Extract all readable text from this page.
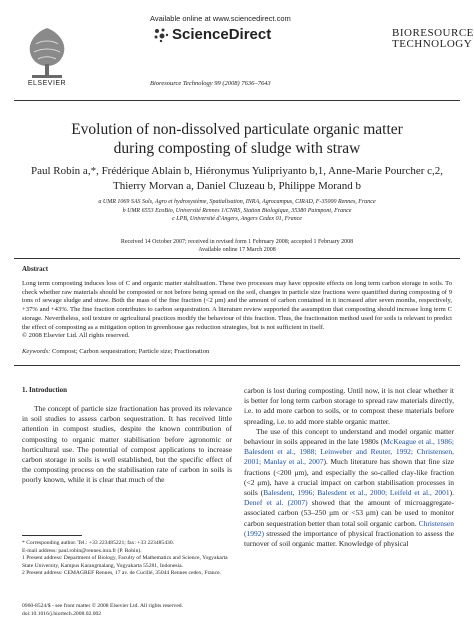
ELSEVIER
Available online at www.sciencedirect.com
ScienceDirect
Bioresource Technology 99 (2008) 7636–7643
BIORESOURCE
TECHNOLOGY
Evolution of non-dissolved particulate organic matter
during composting of sludge with straw
Paul Robin a,*, Frédérique Ablain b, Hiéronymus Yulipriyanto b,1, Anne-Marie Pourcher c,2,
Thierry Morvan a, Daniel Cluzeau b, Philippe Morand b
a UMR 1069 SAS Sols, Agro et hydrosystème, Spatialisation, INRA, Agrocampus, CIRAD, F-35000 Rennes, France
b UMR 6553 EcoBio, Université Rennes 1/CNRS, Station Biologique, 35380 Paimpont, France
c LPB, Université d'Angers, Angers Cedex 01, France
Received 14 October 2007; received in revised form 1 February 2008; accepted 1 February 2008
Available online 17 March 2008
Abstract
Long term composting induces loss of C and organic matter stabilisation. These two processes may have opposite effects on long term carbon storage in soils. To check whether raw materials should be composted or not before being spread on the soil, changes in particle size fractions were quantified during composting of 9 tons of sewage sludge and straw. Both the mass of the fine fraction (<2 μm) and the amount of carbon contained in it increased after seven months, respectively, +37% and +43%. The fine fraction contributes to carbon sequestration. A literature review supported the assumption that composting should increase long term C storage. Nevertheless, soil texture or agricultural practices modify the behaviour of this fraction. Thus, the fractionation method used for soils is relevant to predict the effect of composting as a mitigation option in greenhouse gas reduction strategies, but is not sufficient in itself.
© 2008 Elsevier Ltd. All rights reserved.
Keywords: Compost; Carbon sequestration; Particle size; Fractionation
1. Introduction

The concept of particle size fractionation has proved its relevance in soil studies to assess carbon sequestration. It has received little attention in compost studies, despite the known contribution of composting to organic matter stabilisation before agronomic or horticultural use. The potential of compost applications to increase carbon storage in soils is well established, but the specific effect of the composting process on the stabilisation rate of carbon in soils is poorly known, while it is clear that much of the

carbon is lost during composting. Until now, it is not clear whether it is better for long term carbon storage to spread raw materials directly, i.e. to add more carbon to soils, or to compost these materials before spreading, i.e. to add more stable organic matter.

The use of this concept to understand and model organic matter behaviour in soils appeared in the late 1980s (McKeague et al., 1986; Balesdent et al., 1988; Leinweber and Reuter, 1992; Christensen, 2001; Manlay et al., 2007). Much literature has shown that fine size fractions (<200 μm), and especially the so-called clay-like fraction (<2 μm), have a crucial impact on carbon stabilisation processes in soils (Balesdent, 1996; Balesdent et al., 2000; Leifeld et al., 2001). Denef et al. (2007) showed that the amount of microaggregate-associated carbon (53–250 μm or <53 μm) can be used to monitor carbon sequestration better than total soil organic carbon. Christensen (1992) stressed the importance of physical fractionation to assess the turnover of soil organic matter. Knowledge of physical

* Corresponding author. Tel.: +33 223485221; fax: +33 223485430.
E-mail address: paul.robin@rennes.inra.fr (P. Robin).
1 Present address: Department of Biology, Faculty of Mathematics and Science, Yogyakarta State University, Kampus Karangmalang, Yogyakarta 55281, Indonesia.
2 Present address: CEMAGREF Rennes, 17 av. de Cucillé, 35044 Rennes cedex, France.
0960-8524/$ - see front matter © 2008 Elsevier Ltd. All rights reserved.
doi:10.1016/j.biortech.2008.02.002
